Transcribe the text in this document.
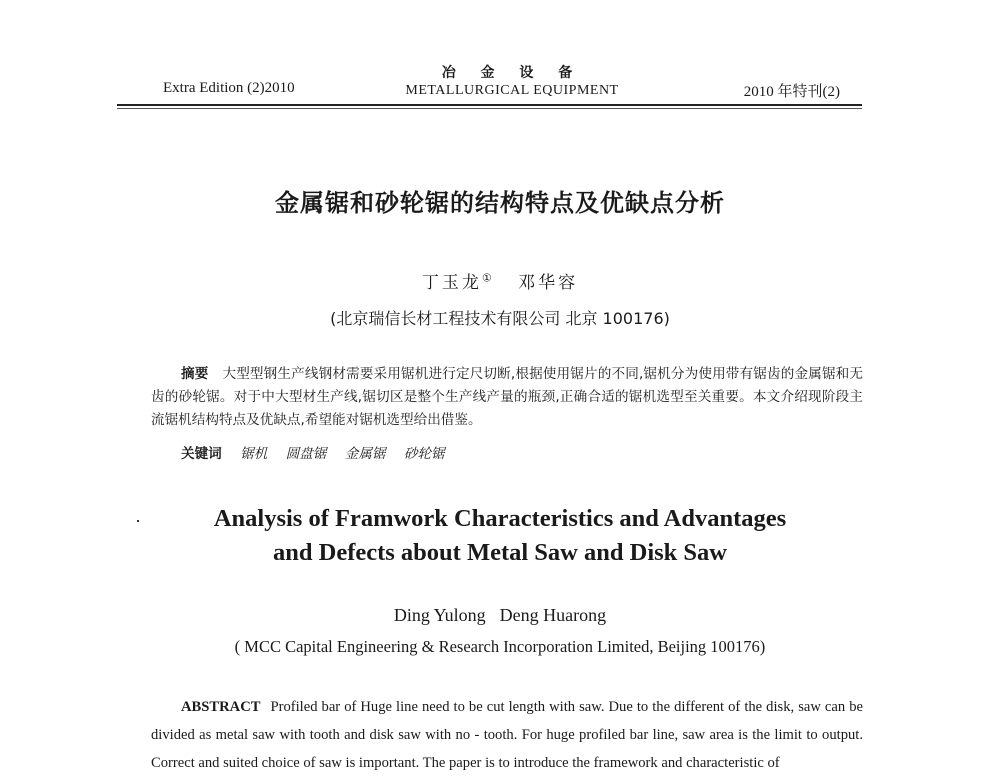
Extra Edition (2)2010
冶 金 设 备
METALLURGICAL EQUIPMENT	2010 年特刊(2)
金属锯和砂轮锯的结构特点及优缺点分析
丁玉龙① 邓华容
(北京瑞信长材工程技术有限公司 北京 100176)
摘要 大型型钢生产线钢材需要采用锯机进行定尺切断,根据使用锯片的不同,锯机分为使用带有锯齿的金属锯和无齿的砂轮锯。对于中大型材生产线,锯切区是整个生产线产量的瓶颈,正确合适的锯机选型至关重要。本文介绍现阶段主流锯机结构特点及优缺点,希望能对锯机选型给出借鉴。
关键词 锯机 圆盘锯 金属锯 砂轮锯
Analysis of Framwork Characteristics and Advantages
and Defects about Metal Saw and Disk Saw
Ding Yulong Deng Huarong
( MCC Capital Engineering & Research Incorporation Limited, Beijing 100176)
ABSTRACT Profiled bar of Huge line need to be cut length with saw. Due to the different of the disk, saw can be divided as metal saw with tooth and disk saw with no - tooth. For huge profiled bar line, saw area is the limit to output. Correct and suited choice of saw is important. The paper is to introduce the framework and characteristic of
